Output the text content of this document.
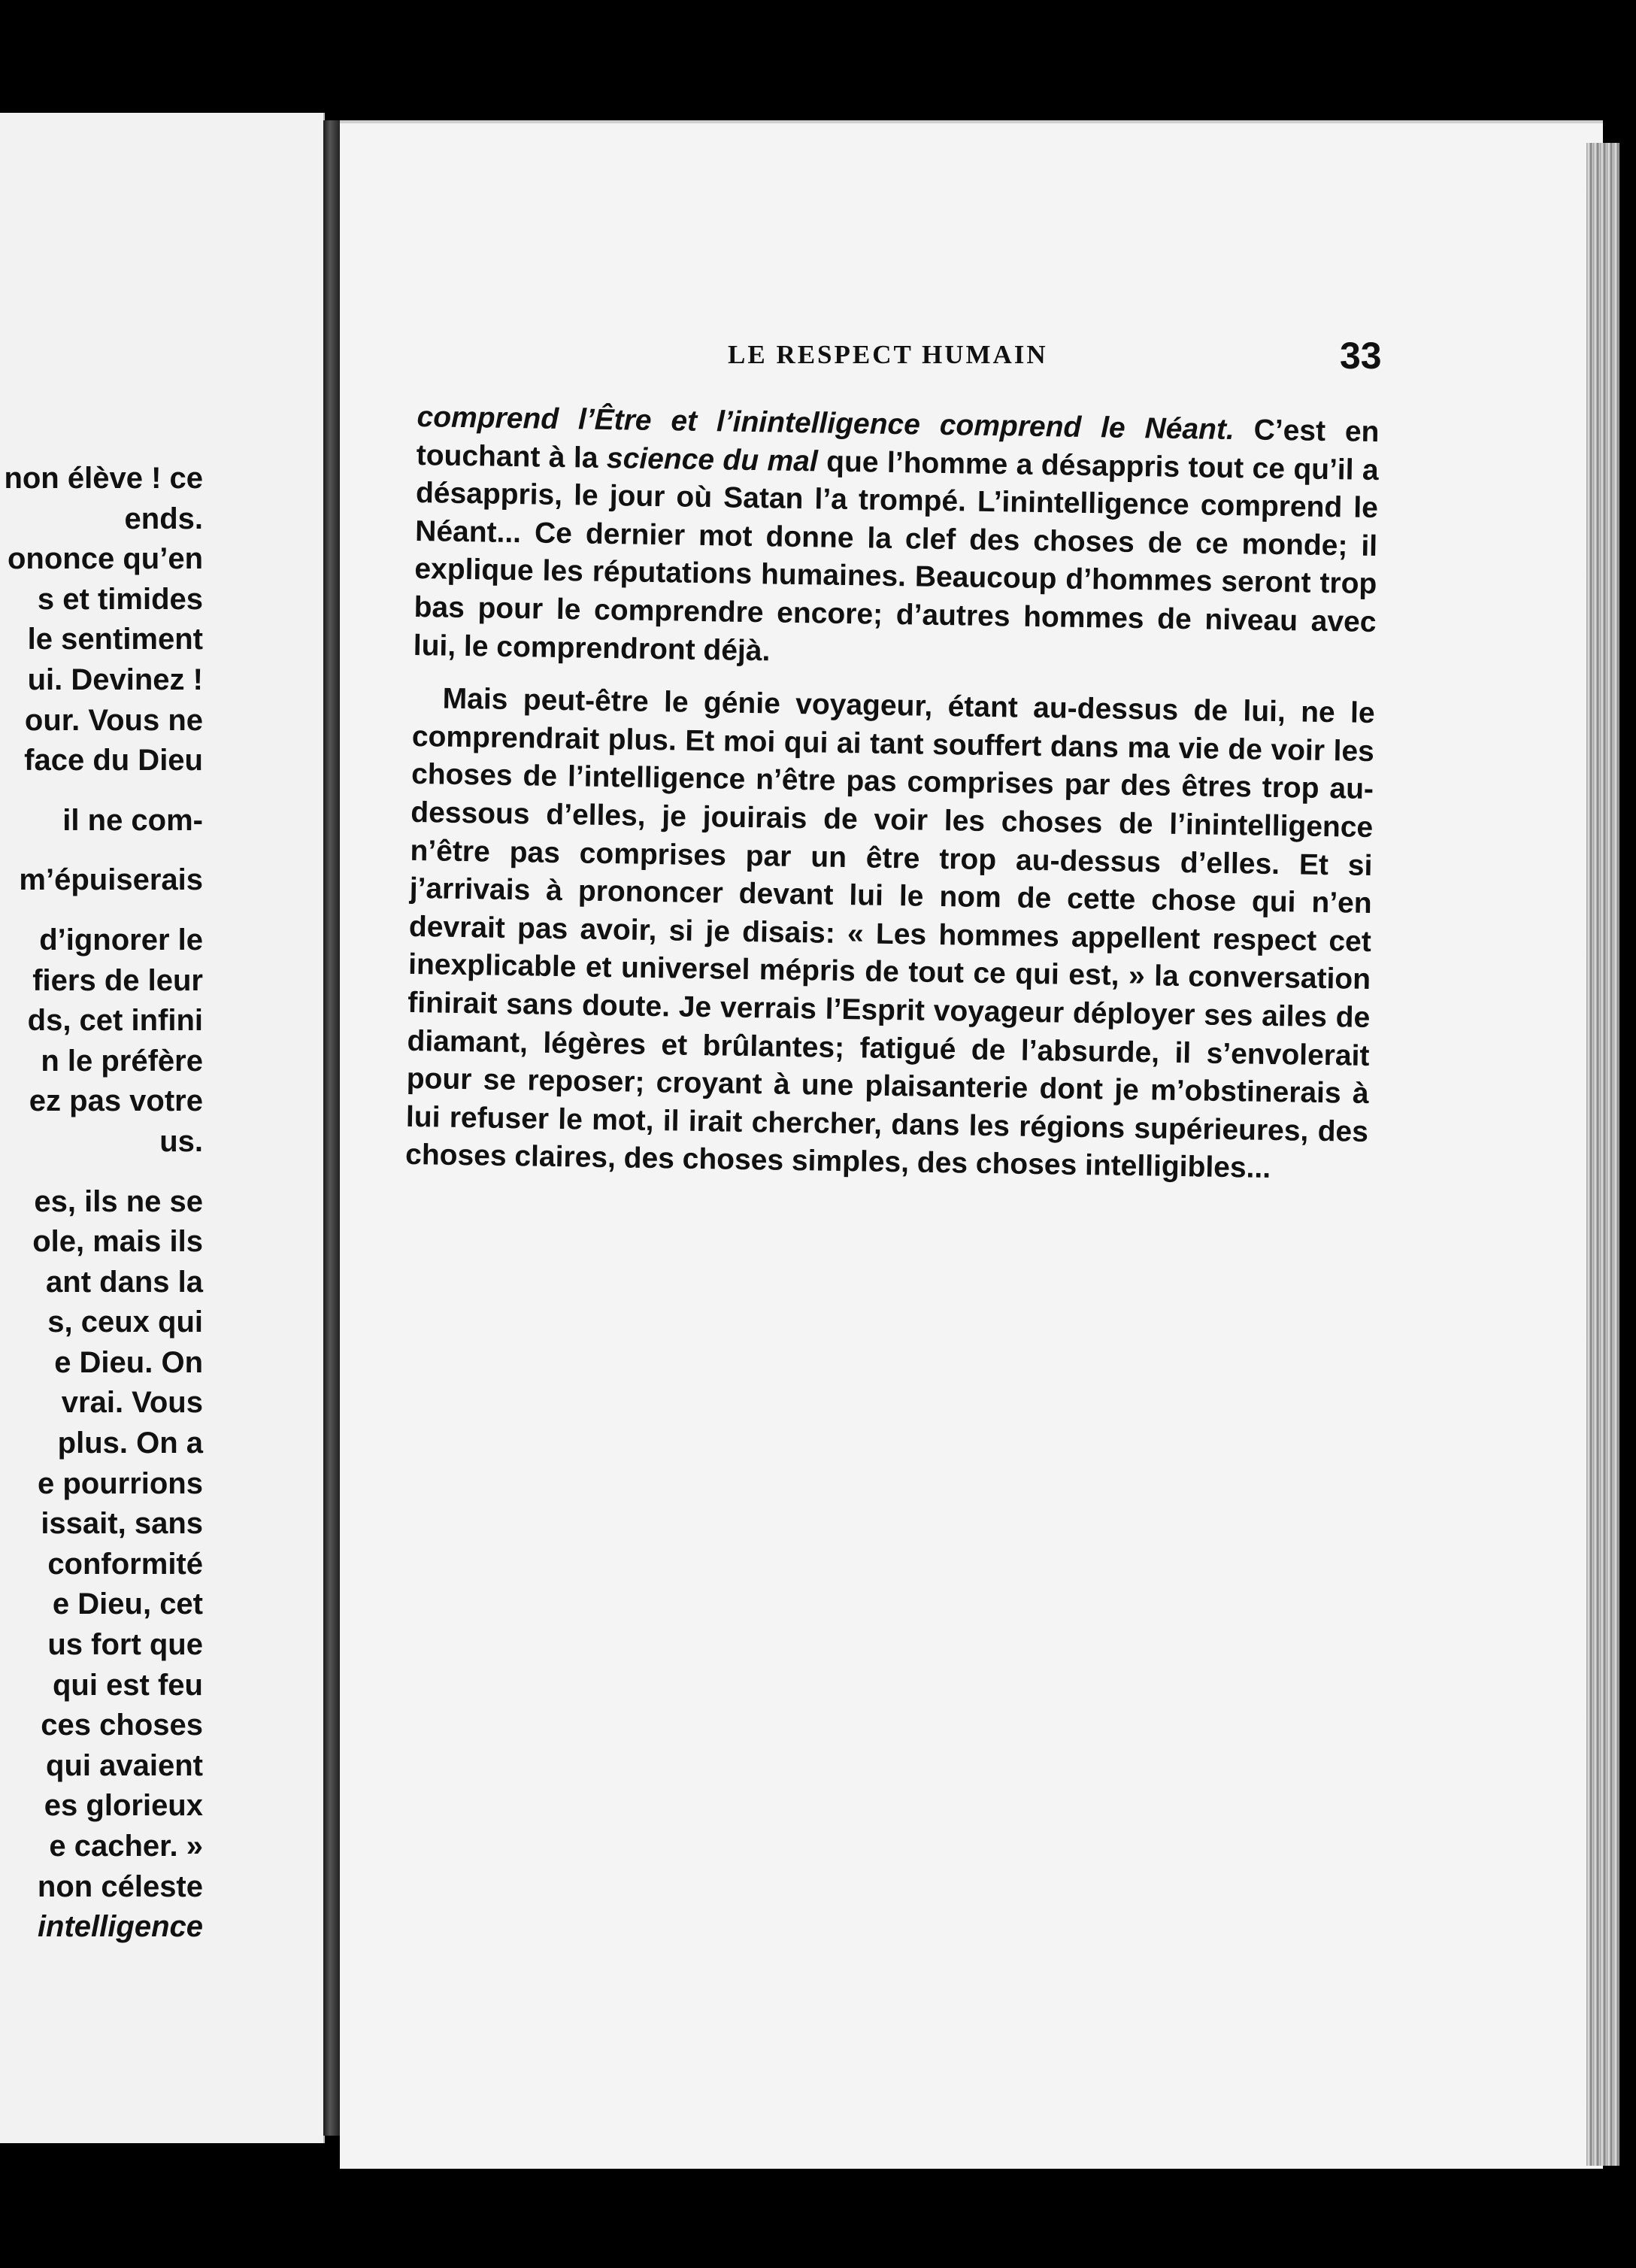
non élève ! ce
ends.
ononce qu’en
s et timides
le sentiment
ui. Devinez !
our. Vous ne
face du Dieu
il ne com-
m’épuiserais
d’ignorer le
fiers de leur
ds, cet infini
n le préfère
ez pas votre
us.
es, ils ne se
ole, mais ils
ant dans la
s, ceux qui
e Dieu. On
vrai. Vous
plus. On a
e pourrions
issait, sans
conformité
e Dieu, cet
us fort que
qui est feu
ces choses
qui avaient
es glorieux
e cacher. »
non céleste
intelligence
LE RESPECT HUMAIN	33

comprend l’Être et l’inintelligence comprend le Néant. C’est en touchant à la science du mal que l’homme a désappris tout ce qu’il a désappris, le jour où Satan l’a trompé. L’inintelligence comprend le Néant... Ce dernier mot donne la clef des choses de ce monde; il explique les réputations humaines. Beaucoup d’hommes seront trop bas pour le comprendre encore; d’autres hommes de niveau avec lui, le comprendront déjà.

Mais peut-être le génie voyageur, étant au-dessus de lui, ne le comprendrait plus. Et moi qui ai tant souffert dans ma vie de voir les choses de l’intelligence n’être pas comprises par des êtres trop au-dessous d’elles, je jouirais de voir les choses de l’inintelligence n’être pas comprises par un être trop au-dessus d’elles. Et si j’arrivais à prononcer devant lui le nom de cette chose qui n’en devrait pas avoir, si je disais: « Les hommes appellent respect cet inexplicable et universel mépris de tout ce qui est, » la conversation finirait sans doute. Je verrais l’Esprit voyageur déployer ses ailes de diamant, légères et brûlantes; fatigué de l’absurde, il s’envolerait pour se reposer; croyant à une plaisanterie dont je m’obstinerais à lui refuser le mot, il irait chercher, dans les régions supérieures, des choses claires, des choses simples, des choses intelligibles...
